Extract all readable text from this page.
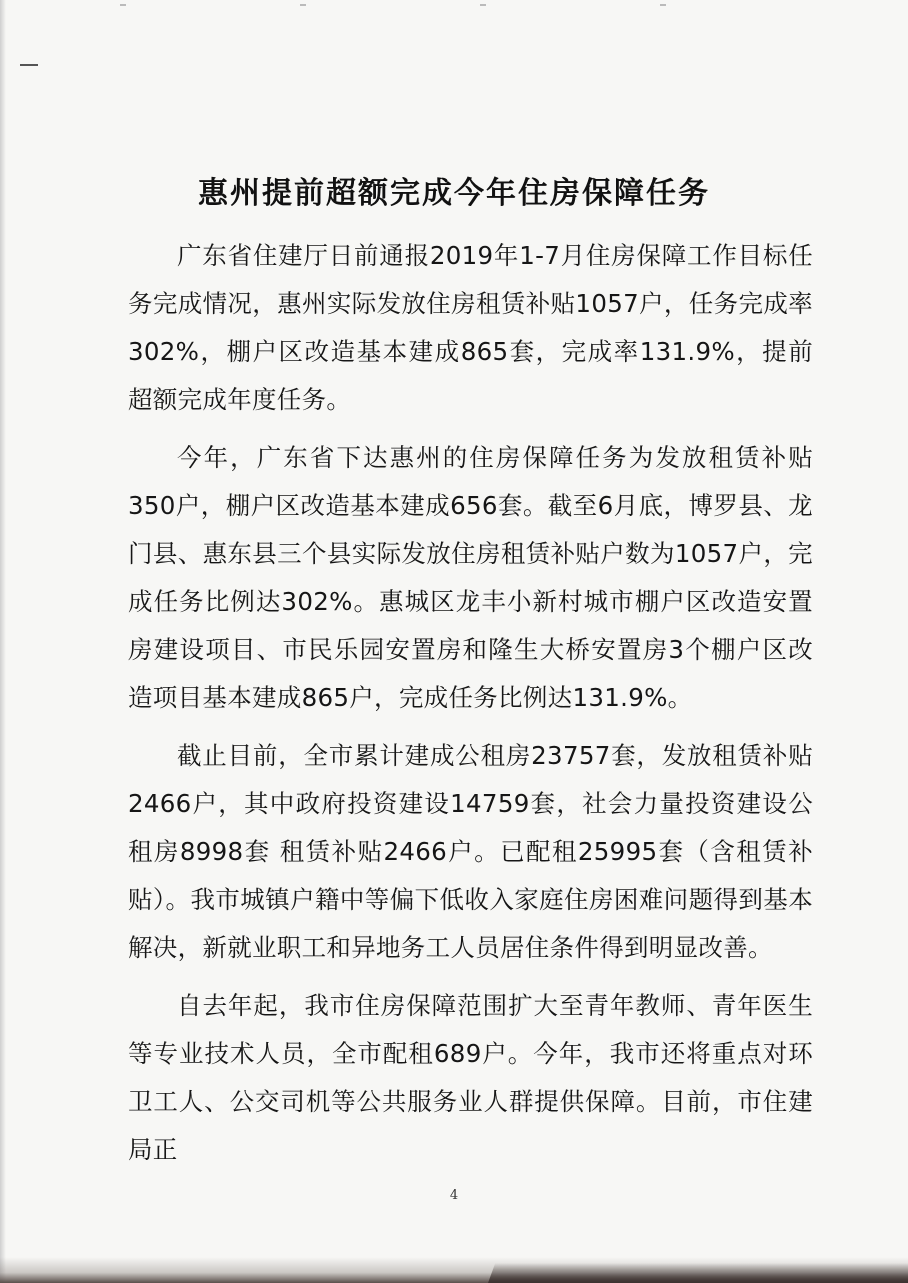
惠州提前超额完成今年住房保障任务

广东省住建厅日前通报2019年1-7月住房保障工作目标任务完成情况，惠州实际发放住房租赁补贴1057户，任务完成率302%，棚户区改造基本建成865套，完成率131.9%，提前超额完成年度任务。

今年，广东省下达惠州的住房保障任务为发放租赁补贴350户，棚户区改造基本建成656套。截至6月底，博罗县、龙门县、惠东县三个县实际发放住房租赁补贴户数为1057户，完成任务比例达302%。惠城区龙丰小新村城市棚户区改造安置房建设项目、市民乐园安置房和隆生大桥安置房3个棚户区改造项目基本建成865户，完成任务比例达131.9%。

截止目前，全市累计建成公租房23757套，发放租赁补贴2466户，其中政府投资建设14759套，社会力量投资建设公租房8998套 租赁补贴2466户。已配租25995套（含租赁补贴）。我市城镇户籍中等偏下低收入家庭住房困难问题得到基本解决，新就业职工和异地务工人员居住条件得到明显改善。

自去年起，我市住房保障范围扩大至青年教师、青年医生等专业技术人员，全市配租689户。今年，我市还将重点对环卫工人、公交司机等公共服务业人群提供保障。目前，市住建局正

4
